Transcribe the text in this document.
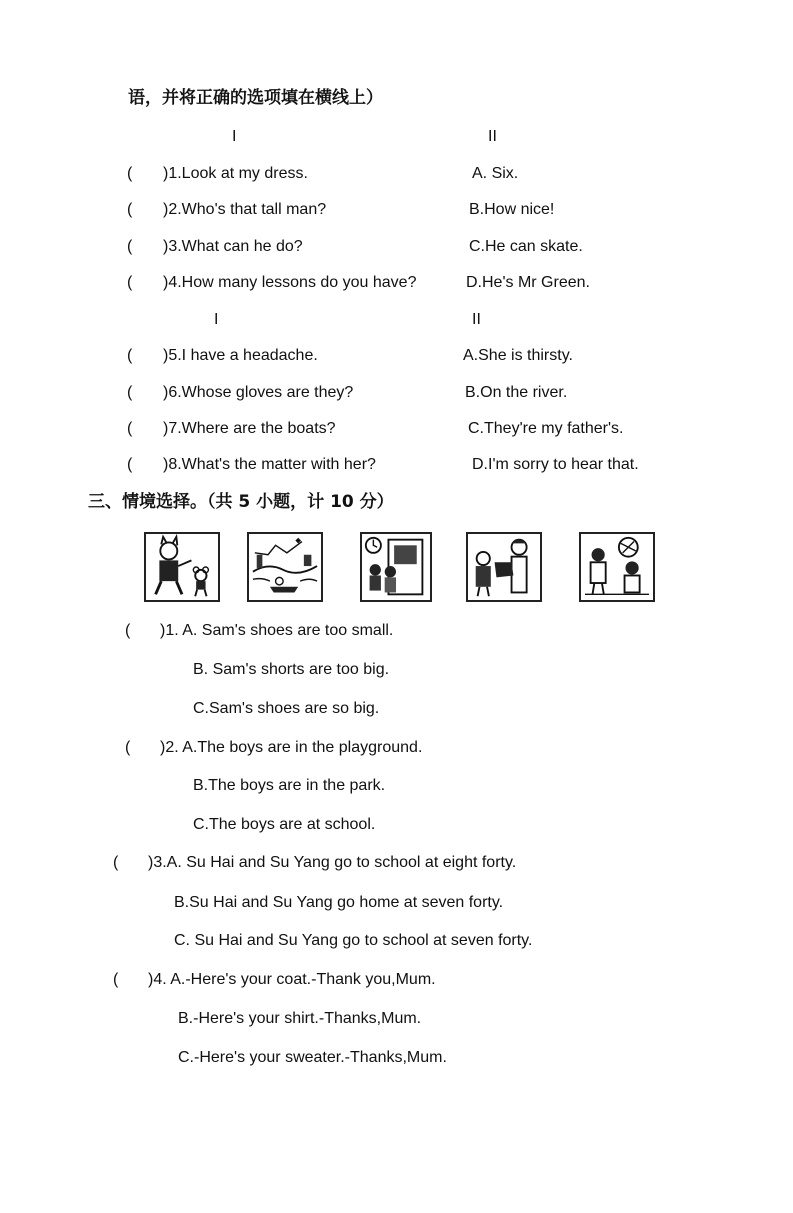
语，并将正确的选项填在横线上）
I	II
( )1.Look at my dress.	A. Six.
( )2.Who's that tall man?	B.How nice!
( )3.What can he do?	C.He can skate.
( )4.How many lessons do you have?	D.He's Mr Green.
I	II
( )5.I have a headache.	A.She is thirsty.
( )6.Whose gloves are they?	B.On the river.
( )7.Where are the boats?	C.They're my father's.
( )8.What's the matter with her?	D.I'm sorry to hear that.
三、情境选择。（共 5 小题，计 10 分）
( )1. A. Sam's shoes are too small.
B. Sam's shorts are too big.
C.Sam's shoes are so big.
( )2. A.The boys are in the playground.
B.The boys are in the park.
C.The boys are at school.
( )3.A. Su Hai and Su Yang go to school at eight forty.
B.Su Hai and Su Yang go home at seven forty.
C. Su Hai and Su Yang go to school at seven forty.
( )4. A.-Here's your coat.-Thank you,Mum.
B.-Here's your shirt.-Thanks,Mum.
C.-Here's your sweater.-Thanks,Mum.
